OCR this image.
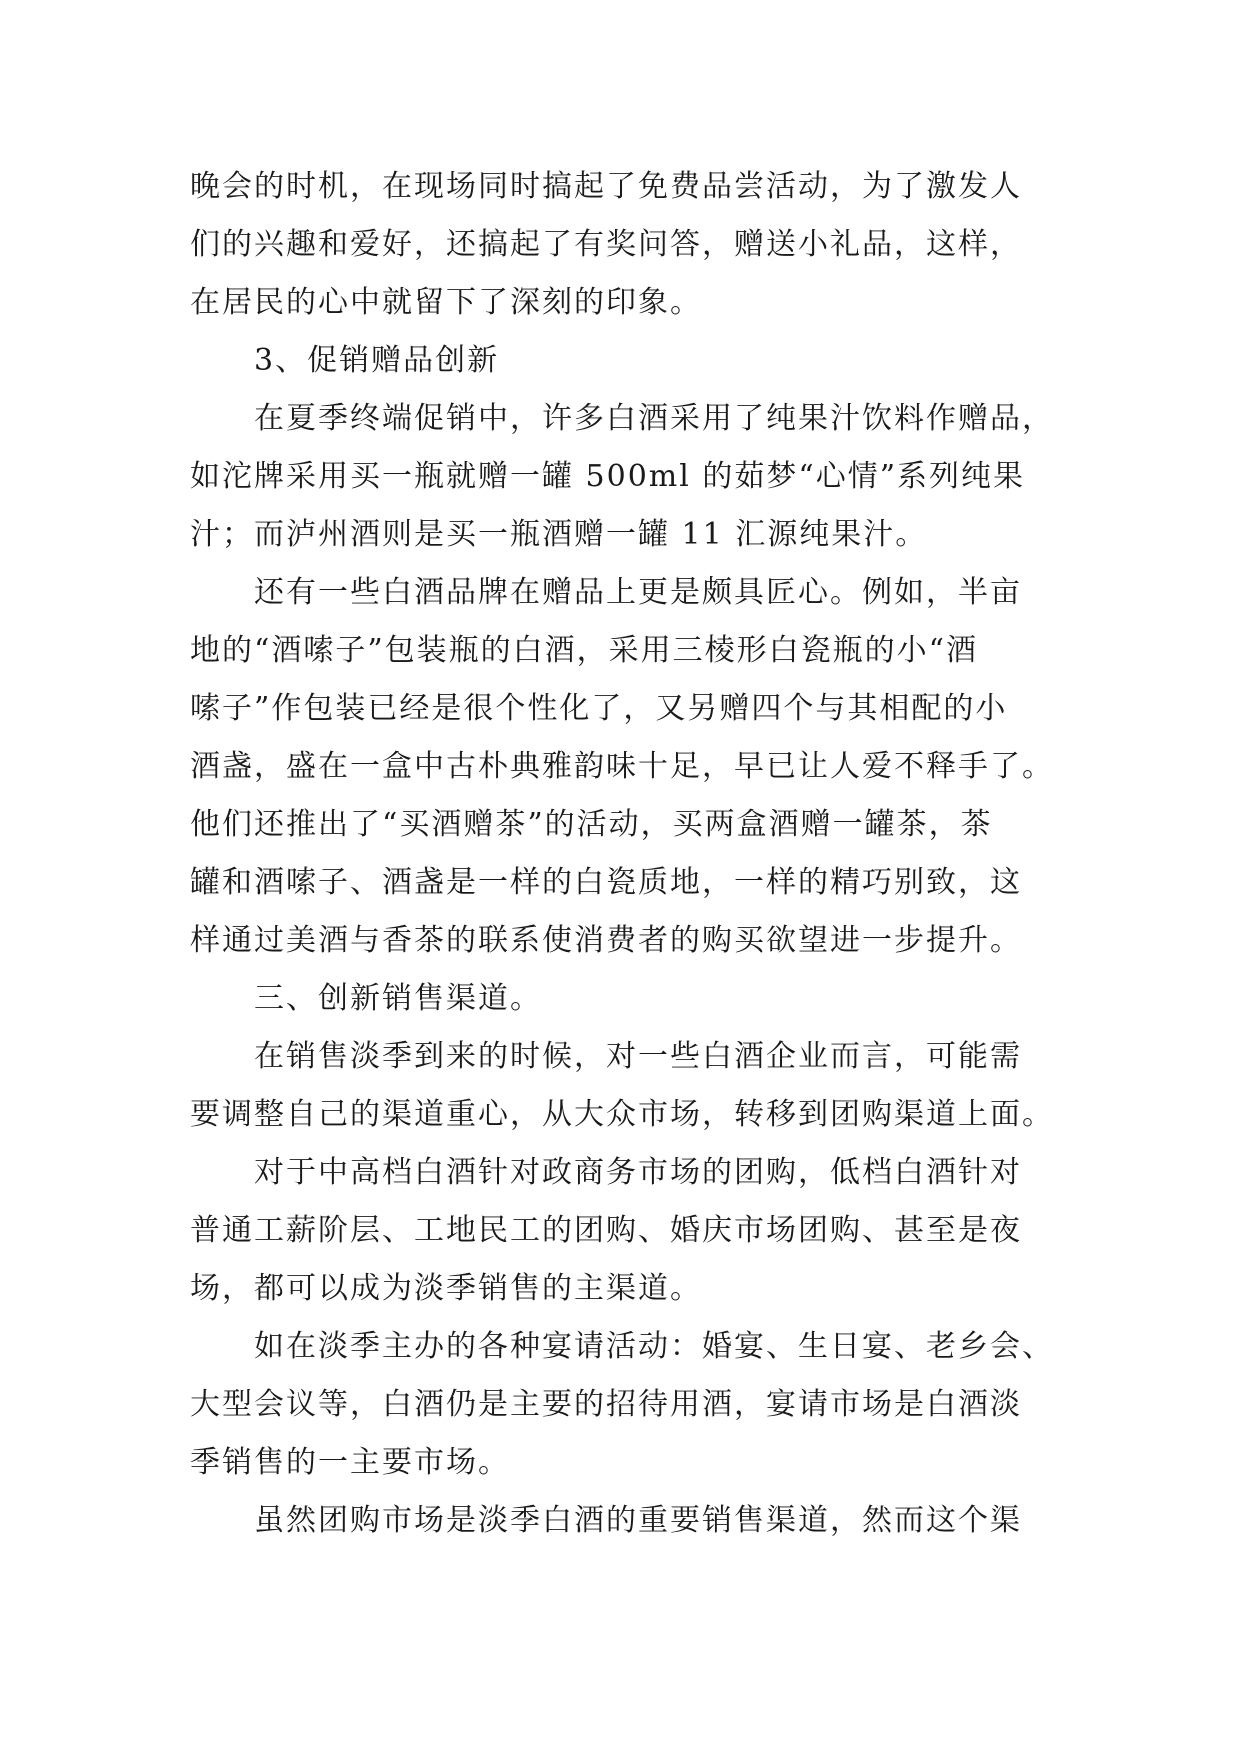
晚会的时机，在现场同时搞起了免费品尝活动，为了激发人
们的兴趣和爱好，还搞起了有奖问答，赠送小礼品，这样，
在居民的心中就留下了深刻的印象。
3、促销赠品创新
在夏季终端促销中，许多白酒采用了纯果汁饮料作赠品，
如沱牌采用买一瓶就赠一罐 500ml 的茹梦“心情”系列纯果
汁；而泸州酒则是买一瓶酒赠一罐 11 汇源纯果汁。
还有一些白酒品牌在赠品上更是颇具匠心。例如，半亩
地的“酒嗦子”包装瓶的白酒，采用三棱形白瓷瓶的小“酒
嗦子”作包装已经是很个性化了，又另赠四个与其相配的小
酒盏，盛在一盒中古朴典雅韵味十足，早已让人爱不释手了。
他们还推出了“买酒赠茶”的活动，买两盒酒赠一罐茶，茶
罐和酒嗦子、酒盏是一样的白瓷质地，一样的精巧别致，这
样通过美酒与香茶的联系使消费者的购买欲望进一步提升。
三、创新销售渠道。
在销售淡季到来的时候，对一些白酒企业而言，可能需
要调整自己的渠道重心，从大众市场，转移到团购渠道上面。
对于中高档白酒针对政商务市场的团购，低档白酒针对
普通工薪阶层、工地民工的团购、婚庆市场团购、甚至是夜
场，都可以成为淡季销售的主渠道。
如在淡季主办的各种宴请活动：婚宴、生日宴、老乡会、
大型会议等，白酒仍是主要的招待用酒，宴请市场是白酒淡
季销售的一主要市场。
虽然团购市场是淡季白酒的重要销售渠道，然而这个渠
